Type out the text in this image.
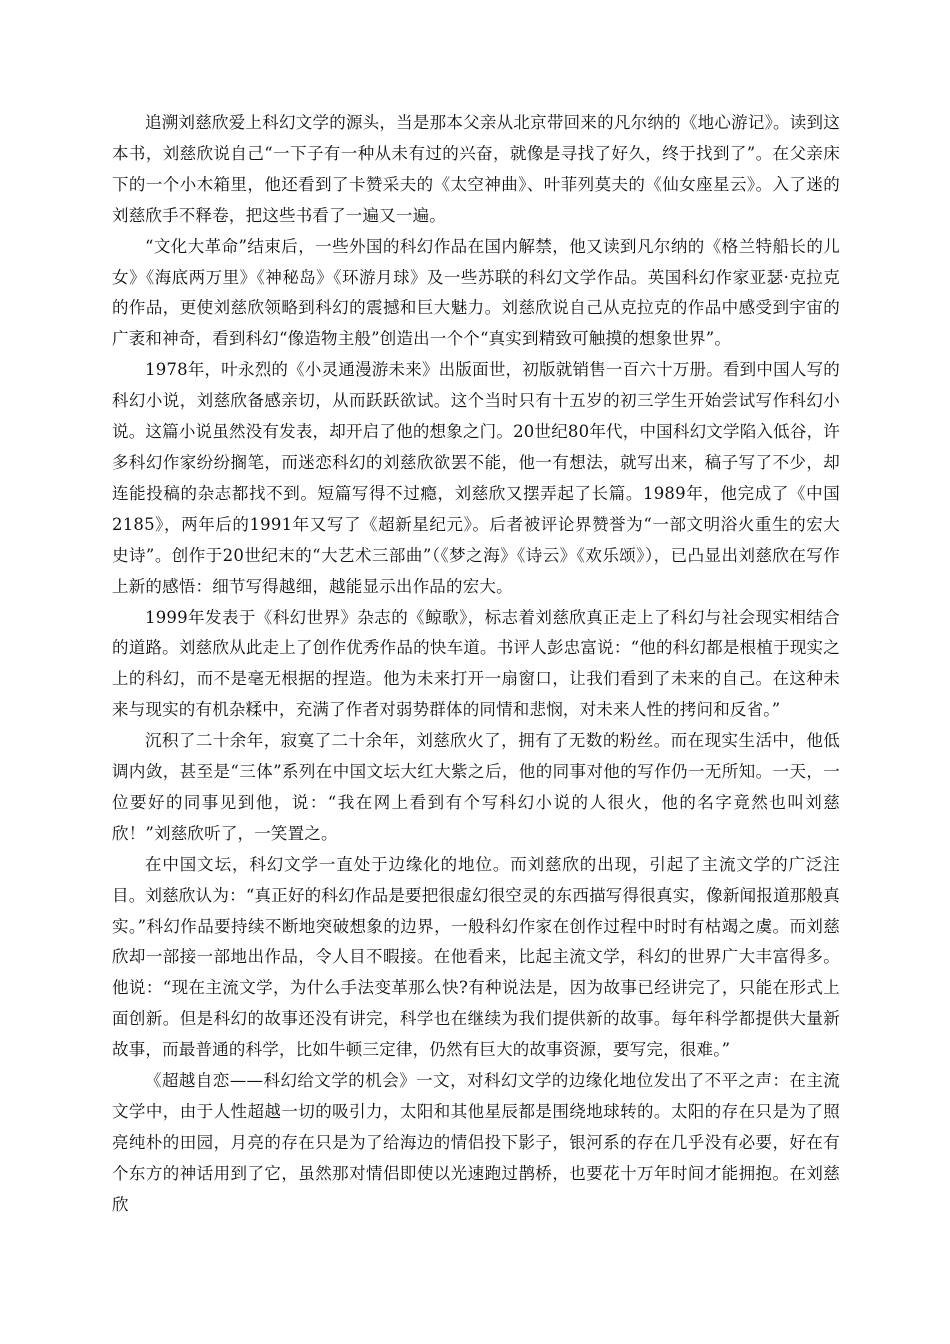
追溯刘慈欣爱上科幻文学的源头，当是那本父亲从北京带回来的凡尔纳的《地心游记》。读到这本书，刘慈欣说自己“一下子有一种从未有过的兴奋，就像是寻找了好久，终于找到了”。在父亲床下的一个小木箱里，他还看到了卡赞采夫的《太空神曲》、叶菲列莫夫的《仙女座星云》。入了迷的刘慈欣手不释卷，把这些书看了一遍又一遍。

“文化大革命”结束后，一些外国的科幻作品在国内解禁，他又读到凡尔纳的《格兰特船长的儿女》《海底两万里》《神秘岛》《环游月球》及一些苏联的科幻文学作品。英国科幻作家亚瑟·克拉克的作品，更使刘慈欣领略到科幻的震撼和巨大魅力。刘慈欣说自己从克拉克的作品中感受到宇宙的广袤和神奇，看到科幻“像造物主般”创造出一个个“真实到精致可触摸的想象世界”。

1978年，叶永烈的《小灵通漫游未来》出版面世，初版就销售一百六十万册。看到中国人写的科幻小说，刘慈欣备感亲切，从而跃跃欲试。这个当时只有十五岁的初三学生开始尝试写作科幻小说。这篇小说虽然没有发表，却开启了他的想象之门。20世纪80年代，中国科幻文学陷入低谷，许多科幻作家纷纷搁笔，而迷恋科幻的刘慈欣欲罢不能，他一有想法，就写出来，稿子写了不少，却连能投稿的杂志都找不到。短篇写得不过瘾，刘慈欣又摆弄起了长篇。1989年，他完成了《中国2185》，两年后的1991年又写了《超新星纪元》。后者被评论界赞誉为“一部文明浴火重生的宏大史诗”。创作于20世纪末的“大艺术三部曲”（《梦之海》《诗云》《欢乐颂》），已凸显出刘慈欣在写作上新的感悟：细节写得越细，越能显示出作品的宏大。

1999年发表于《科幻世界》杂志的《鲸歌》，标志着刘慈欣真正走上了科幻与社会现实相结合的道路。刘慈欣从此走上了创作优秀作品的快车道。书评人彭忠富说：“他的科幻都是根植于现实之上的科幻，而不是毫无根据的捏造。他为未来打开一扇窗口，让我们看到了未来的自己。在这种未来与现实的有机杂糅中，充满了作者对弱势群体的同情和悲悯，对未来人性的拷问和反省。”

沉积了二十余年，寂寞了二十余年，刘慈欣火了，拥有了无数的粉丝。而在现实生活中，他低调内敛，甚至是“三体”系列在中国文坛大红大紫之后，他的同事对他的写作仍一无所知。一天，一位要好的同事见到他，说：“我在网上看到有个写科幻小说的人很火，他的名字竟然也叫刘慈欣！”刘慈欣听了，一笑置之。

在中国文坛，科幻文学一直处于边缘化的地位。而刘慈欣的出现，引起了主流文学的广泛注目。刘慈欣认为：“真正好的科幻作品是要把很虚幻很空灵的东西描写得很真实，像新闻报道那般真实。”科幻作品要持续不断地突破想象的边界，一般科幻作家在创作过程中时时有枯竭之虞。而刘慈欣却一部接一部地出作品，令人目不暇接。在他看来，比起主流文学，科幻的世界广大丰富得多。他说：“现在主流文学，为什么手法变革那么快?有种说法是，因为故事已经讲完了，只能在形式上面创新。但是科幻的故事还没有讲完，科学也在继续为我们提供新的故事。每年科学都提供大量新故事，而最普通的科学，比如牛顿三定律，仍然有巨大的故事资源，要写完，很难。”

《超越自恋——科幻给文学的机会》一文，对科幻文学的边缘化地位发出了不平之声：在主流文学中，由于人性超越一切的吸引力，太阳和其他星辰都是围绕地球转的。太阳的存在只是为了照亮纯朴的田园，月亮的存在只是为了给海边的情侣投下影子，银河系的存在几乎没有必要，好在有个东方的神话用到了它，虽然那对情侣即使以光速跑过鹊桥，也要花十万年时间才能拥抱。在刘慈欣
